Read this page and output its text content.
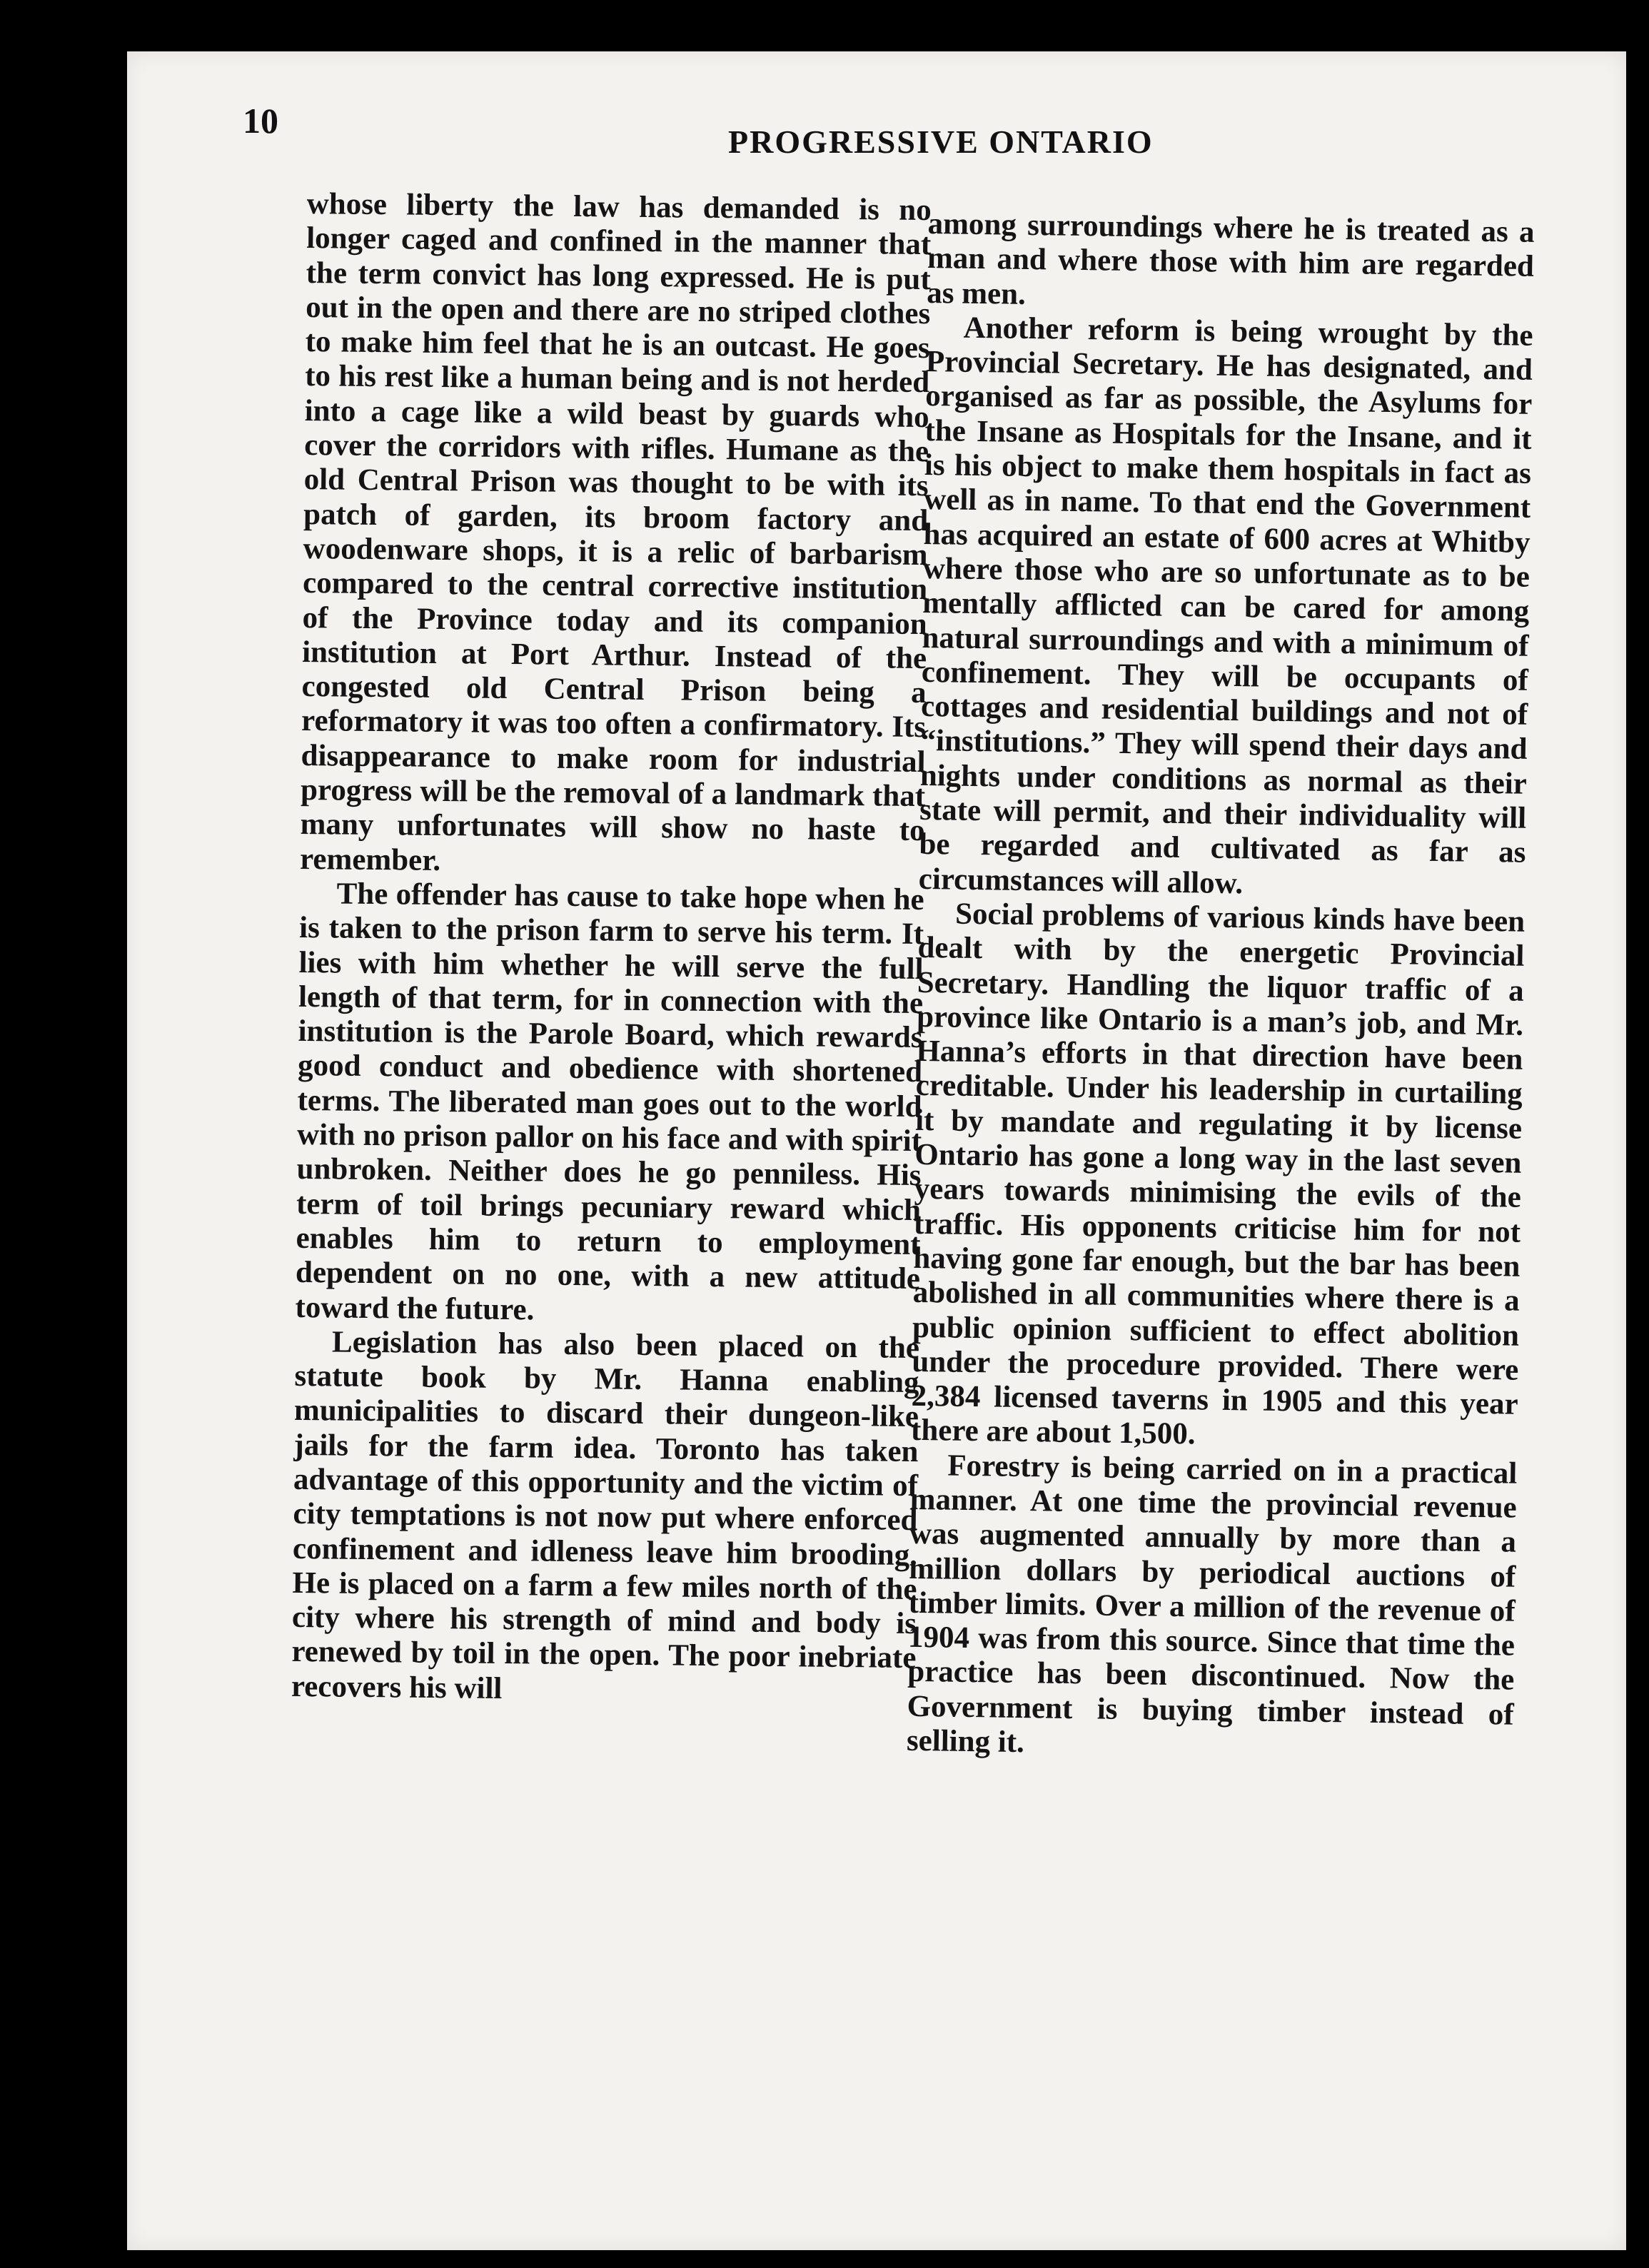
10
PROGRESSIVE ONTARIO

whose liberty the law has demanded is no longer caged and confined in the manner that the term convict has long expressed. He is put out in the open and there are no striped clothes to make him feel that he is an outcast. He goes to his rest like a human being and is not herded into a cage like a wild beast by guards who cover the corridors with rifles. Humane as the old Central Prison was thought to be with its patch of garden, its broom factory and woodenware shops, it is a relic of barbarism compared to the central corrective institution of the Province today and its companion institution at Port Arthur. Instead of the congested old Central Prison being a reformatory it was too often a confirmatory. Its disappearance to make room for industrial progress will be the removal of a landmark that many unfortunates will show no haste to remember.

The offender has cause to take hope when he is taken to the prison farm to serve his term. It lies with him whether he will serve the full length of that term, for in connection with the institution is the Parole Board, which rewards good conduct and obedience with shortened terms. The liberated man goes out to the world with no prison pallor on his face and with spirit unbroken. Neither does he go penniless. His term of toil brings pecuniary reward which enables him to return to employment dependent on no one, with a new attitude toward the future.

Legislation has also been placed on the statute book by Mr. Hanna enabling municipalities to discard their dungeon-like jails for the farm idea. Toronto has taken advantage of this opportunity and the victim of city temptations is not now put where enforced confinement and idleness leave him brooding. He is placed on a farm a few miles north of the city where his strength of mind and body is renewed by toil in the open. The poor inebriate recovers his will

among surroundings where he is treated as a man and where those with him are regarded as men.

Another reform is being wrought by the Provincial Secretary. He has designated, and organised as far as possible, the Asylums for the Insane as Hospitals for the Insane, and it is his object to make them hospitals in fact as well as in name. To that end the Government has acquired an estate of 600 acres at Whitby where those who are so unfortunate as to be mentally afflicted can be cared for among natural surroundings and with a minimum of confinement. They will be occupants of cottages and residential buildings and not of “institutions.” They will spend their days and nights under conditions as normal as their state will permit, and their individuality will be regarded and cultivated as far as circumstances will allow.

Social problems of various kinds have been dealt with by the energetic Provincial Secretary. Handling the liquor traffic of a province like Ontario is a man’s job, and Mr. Hanna’s efforts in that direction have been creditable. Under his leadership in curtailing it by mandate and regulating it by license Ontario has gone a long way in the last seven years towards minimising the evils of the traffic. His opponents criticise him for not having gone far enough, but the bar has been abolished in all communities where there is a public opinion sufficient to effect abolition under the procedure provided. There were 2,384 licensed taverns in 1905 and this year there are about 1,500.

Forestry is being carried on in a practical manner. At one time the provincial revenue was augmented annually by more than a million dollars by periodical auctions of timber limits. Over a million of the revenue of 1904 was from this source. Since that time the practice has been discontinued. Now the Government is buying timber instead of selling it.
